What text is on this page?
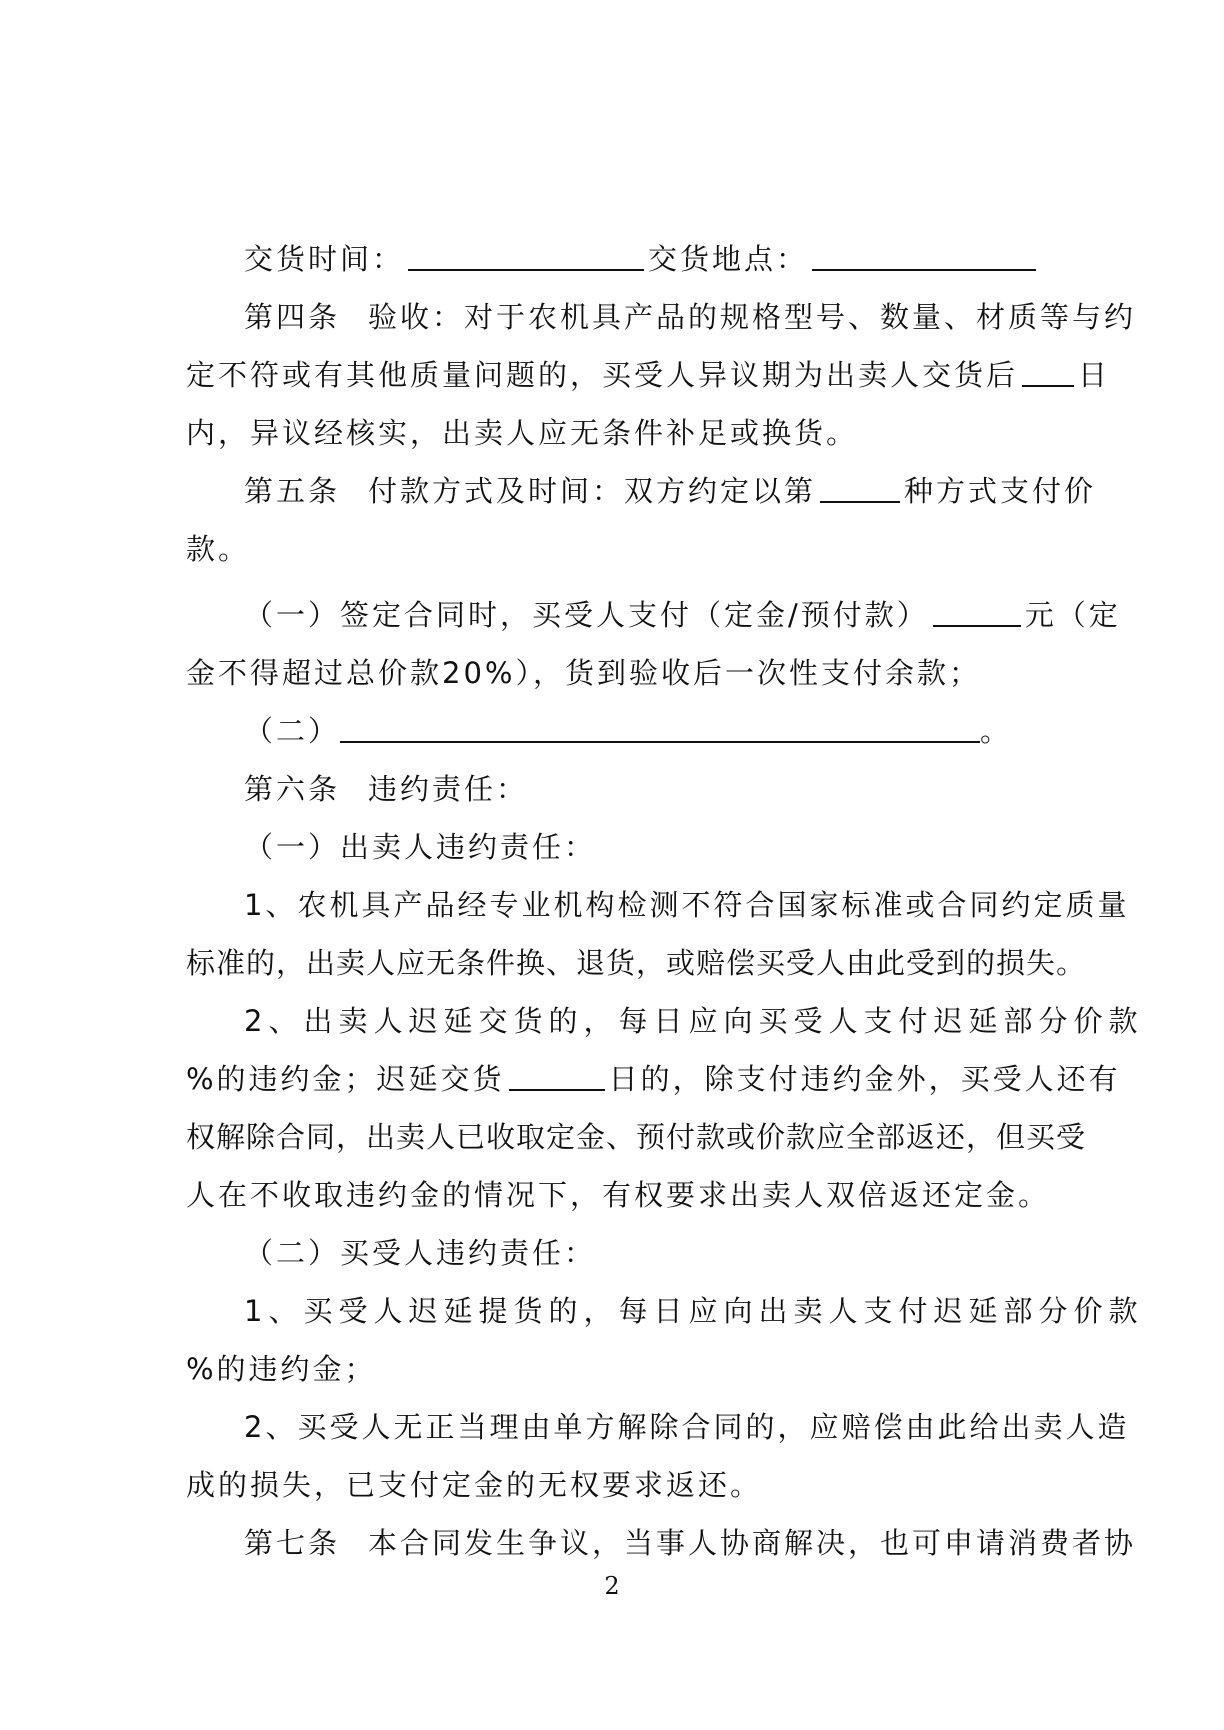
交货时间：	交货地点：
第四条 验收：对于农机具产品的规格型号、数量、材质等与约
定不符或有其他质量问题的，买受人异议期为出卖人交货后 日
内，异议经核实，出卖人应无条件补足或换货。
第五条 付款方式及时间：双方约定以第	种方式支付价
款。
（一）签定合同时，买受人支付（定金/预付款）	元（定
金不得超过总价款20%），货到验收后一次性支付余款；
（二）	。
第六条 违约责任：
（一）出卖人违约责任：
1、农机具产品经专业机构检测不符合国家标准或合同约定质量
标准的，出卖人应无条件换、退货，或赔偿买受人由此受到的损失。
2、出卖人迟延交货的，每日应向买受人支付迟延部分价款
%的违约金；迟延交货	日的，除支付违约金外，买受人还有
权解除合同，出卖人已收取定金、预付款或价款应全部返还，但买受
人在不收取违约金的情况下，有权要求出卖人双倍返还定金。
（二）买受人违约责任：
1、买受人迟延提货的，每日应向出卖人支付迟延部分价款
%的违约金；
2、买受人无正当理由单方解除合同的，应赔偿由此给出卖人造
成的损失，已支付定金的无权要求返还。
第七条 本合同发生争议，当事人协商解决，也可申请消费者协
2
